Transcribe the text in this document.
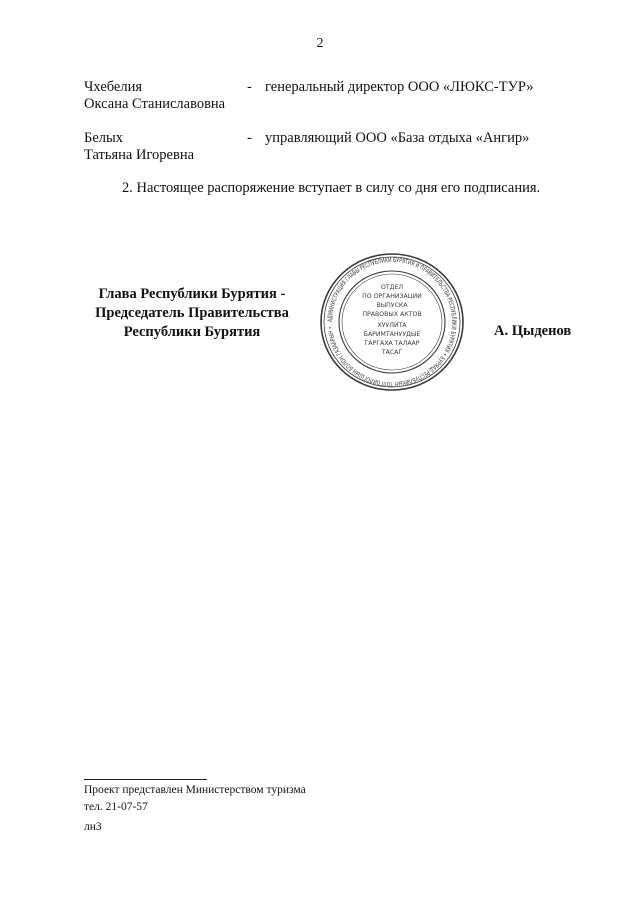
2
Чхебелия
Оксана Станиславовна
- генеральный директор ООО «ЛЮКС-ТУР»
Белых
Татьяна Игоревна
- управляющий ООО «База отдыха «Ангир»
2. Настоящее распоряжение вступает в силу со дня его подписания.
Глава Республики Бурятия -
Председатель Правительства
Республики Бурятия
АДМИНИСТРАЦИЯ ГЛАВЫ РЕСПУБЛИКИ БУРЯТИЯ И ПРАВИТЕЛЬСТВА РЕСПУБЛИКИ БУРЯТИЯ • БУРЯАД РЕСПУБЛИКЫН ТОЛГОЙЛОГШЫН БОЛОН ГАЗААРЫН •
ОТДЕЛ
ПО ОРГАНИЗАЦИИ
ВЫПУСКА
ПРАВОВЫХ АКТОВ
ХУУЛИТА
БАРИМТАНУУДЫЕ
ГАРГАХА ТАЛААР
ТАСАГ
А. Цыденов
Проект представлен Министерством туризма
тел. 21-07-57
лн3
